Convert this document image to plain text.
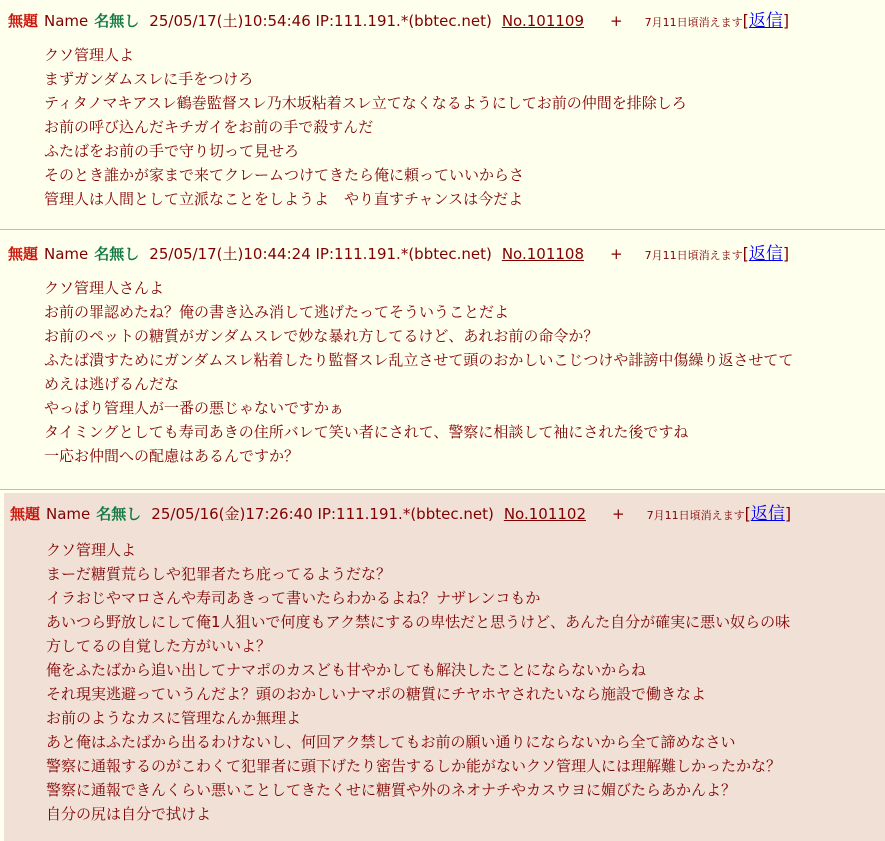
無題 Name 名無し 25/05/17(土)10:54:46 IP:111.191.*(bbtec.net) No.101109 + 7月11日頃消えます[返信]
クソ管理人よ
まずガンダムスレに手をつけろ
ティタノマキアスレ鶴巻監督スレ乃木坂粘着スレ立てなくなるようにしてお前の仲間を排除しろ
お前の呼び込んだキチガイをお前の手で殺すんだ
ふたばをお前の手で守り切って見せろ
そのとき誰かが家まで来てクレームつけてきたら俺に頼っていいからさ
管理人は人間として立派なことをしようよ　やり直すチャンスは今だよ
無題 Name 名無し 25/05/17(土)10:44:24 IP:111.191.*(bbtec.net) No.101108 + 7月11日頃消えます[返信]
クソ管理人さんよ
お前の罪認めたね？俺の書き込み消して逃げたってそういうことだよ
お前のペットの糖質がガンダムスレで妙な暴れ方してるけど、あれお前の命令か？
ふたば潰すためにガンダムスレ粘着したり監督スレ乱立させて頭のおかしいこじつけや誹謗中傷繰り返させてて
めえは逃げるんだな
やっぱり管理人が一番の悪じゃないですかぁ
タイミングとしても寿司あきの住所バレて笑い者にされて、警察に相談して袖にされた後ですね
一応お仲間への配慮はあるんですか？
無題 Name 名無し 25/05/16(金)17:26:40 IP:111.191.*(bbtec.net) No.101102 + 7月11日頃消えます[返信]
クソ管理人よ
まーだ糖質荒らしや犯罪者たち庇ってるようだな？
イラおじやマロさんや寿司あきって書いたらわかるよね？ナザレンコもか
あいつら野放しにして俺1人狙いで何度もアク禁にするの卑怯だと思うけど、あんた自分が確実に悪い奴らの味
方してるの自覚した方がいいよ？
俺をふたばから追い出してナマポのカスども甘やかしても解決したことにならないからね
それ現実逃避っていうんだよ？頭のおかしいナマポの糖質にチヤホヤされたいなら施設で働きなよ
お前のようなカスに管理なんか無理よ
あと俺はふたばから出るわけないし、何回アク禁してもお前の願い通りにならないから全て諦めなさい
警察に通報するのがこわくて犯罪者に頭下げたり密告するしか能がないクソ管理人には理解難しかったかな？
警察に通報できんくらい悪いことしてきたくせに糖質や外のネオナチやカスウヨに媚びたらあかんよ？
自分の尻は自分で拭けよ
